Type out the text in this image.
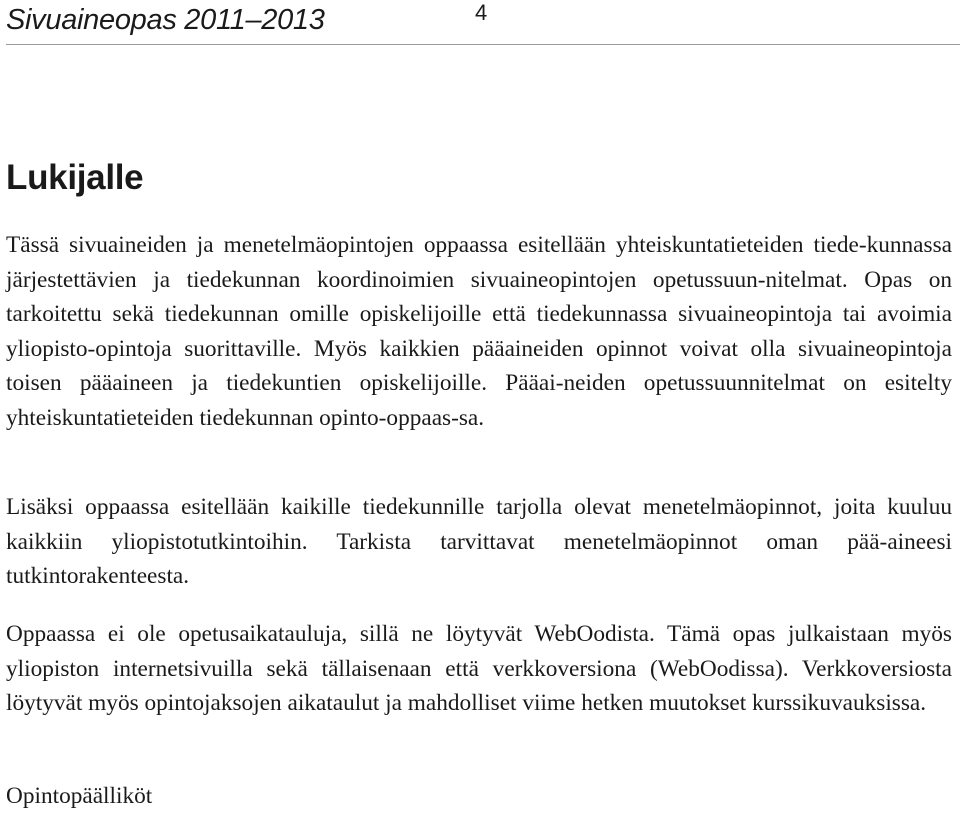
Sivuaineopas 2011–2013	4
Lukijalle

Tässä sivuaineiden ja menetelmäopintojen oppaassa esitellään yhteiskuntatieteiden tiede-kunnassa järjestettävien ja tiedekunnan koordinoimien sivuaineopintojen opetussuun-nitelmat. Opas on tarkoitettu sekä tiedekunnan omille opiskelijoille että tiedekunnassa sivuaineopintoja tai avoimia yliopisto-opintoja suorittaville. Myös kaikkien pääaineiden opinnot voivat olla sivuaineopintoja toisen pääaineen ja tiedekuntien opiskelijoille. Pääai-neiden opetussuunnitelmat on esitelty yhteiskuntatieteiden tiedekunnan opinto-oppaas-sa.

Lisäksi oppaassa esitellään kaikille tiedekunnille tarjolla olevat menetelmäopinnot, joita kuuluu kaikkiin yliopistotutkintoihin. Tarkista tarvittavat menetelmäopinnot oman pää-aineesi tutkintorakenteesta.

Oppaassa ei ole opetusaikatauluja, sillä ne löytyvät WebOodista. Tämä opas julkaistaan myös yliopiston internetsivuilla sekä tällaisenaan että verkkoversiona (WebOodissa). Verkkoversiosta löytyvät myös opintojaksojen aikataulut ja mahdolliset viime hetken muutokset kurssikuvauksissa.

Opintopäälliköt
